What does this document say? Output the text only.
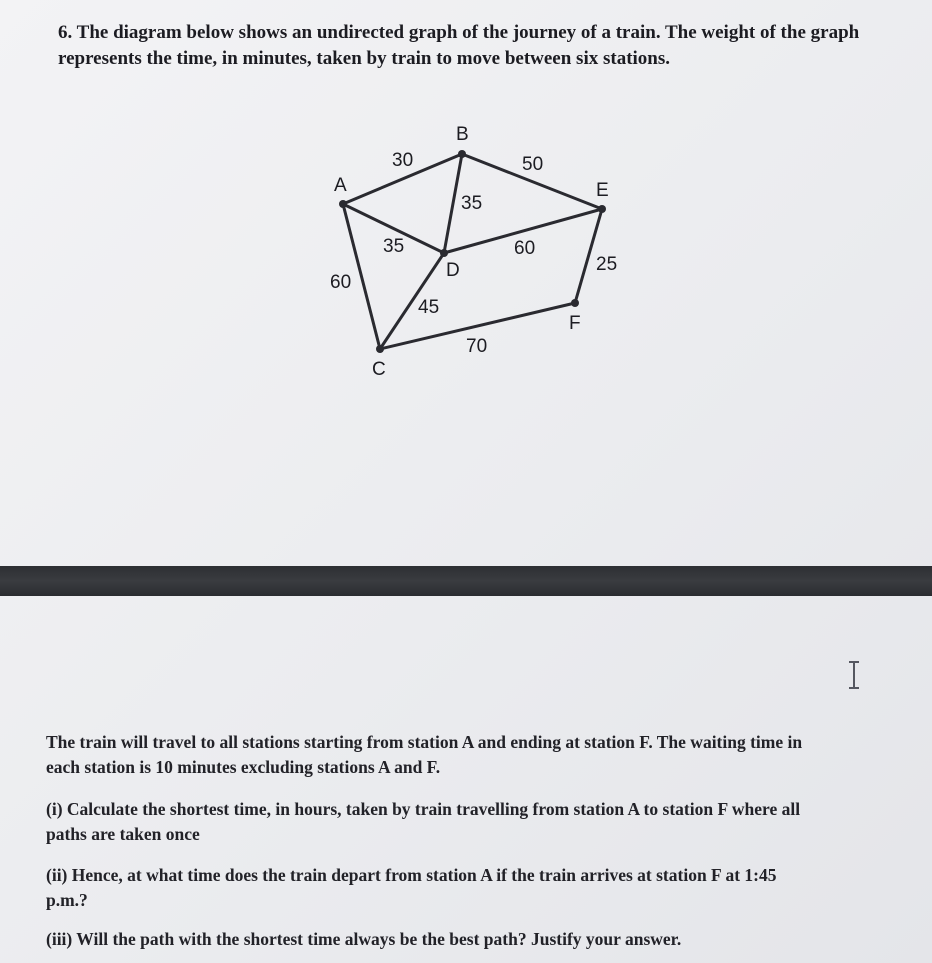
6. The diagram below shows an undirected graph of the journey of a train. The weight of the graph
represents the time, in minutes, taken by train to move between six stations.
B
A	E
D
F
C
30	50
35
35	60
25
60
45
70
The train will travel to all stations starting from station A and ending at station F. The waiting time in
each station is 10 minutes excluding stations A and F.
(i) Calculate the shortest time, in hours, taken by train travelling from station A to station F where all
paths are taken once
(ii) Hence, at what time does the train depart from station A if the train arrives at station F at 1:45
p.m.?
(iii) Will the path with the shortest time always be the best path? Justify your answer.
